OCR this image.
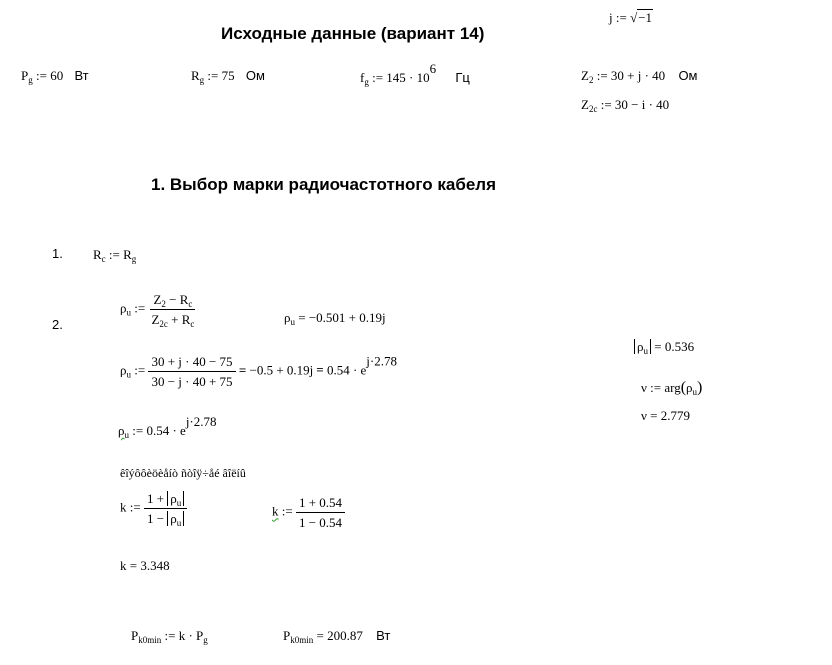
Исходные данные (вариант 14)
j := √−1
$P_g$ := 60 Вт	$R_g$ := 75 Ом	$f_g$ := $145 \cdot 10^6$ Гц	$Z_2$ := 30 + j · 40 Ом
$Z_{2c}$ := 30 − i · 40
1. Выбор марки радиочастотного кабеля
1. $R_c$ := $R_g$
2.
$\rho_u$ := $\frac{Z_2 - R_c}{Z_{2c} + R_c}$	$\rho_u = -0.501 + 0.19j$
$\rho_u$ := $\frac{30 + j \cdot 40 - 75}{30 - j \cdot 40 + 75} = -0.5 + 0.19j = 0.54 \cdot e^{j\cdot 2.78}$
$\rho_u$ := $0.54 \cdot e^{j\cdot 2.78}$
êîýôôèöèåíò ñòîÿ÷åé âîëíû
k := $\frac{1 + \rho_u}{1 - \rho_u}$	k := $\frac{1 + 0.54}{1 - 0.54}$
k = 3.348
$\rho_u = 0.536$
ν := $arg(\rho_u)$
ν = 2.779
$P_{k0min}$ := $k \cdot P_g$	$P_{k0min} = 200.87$ Вт
